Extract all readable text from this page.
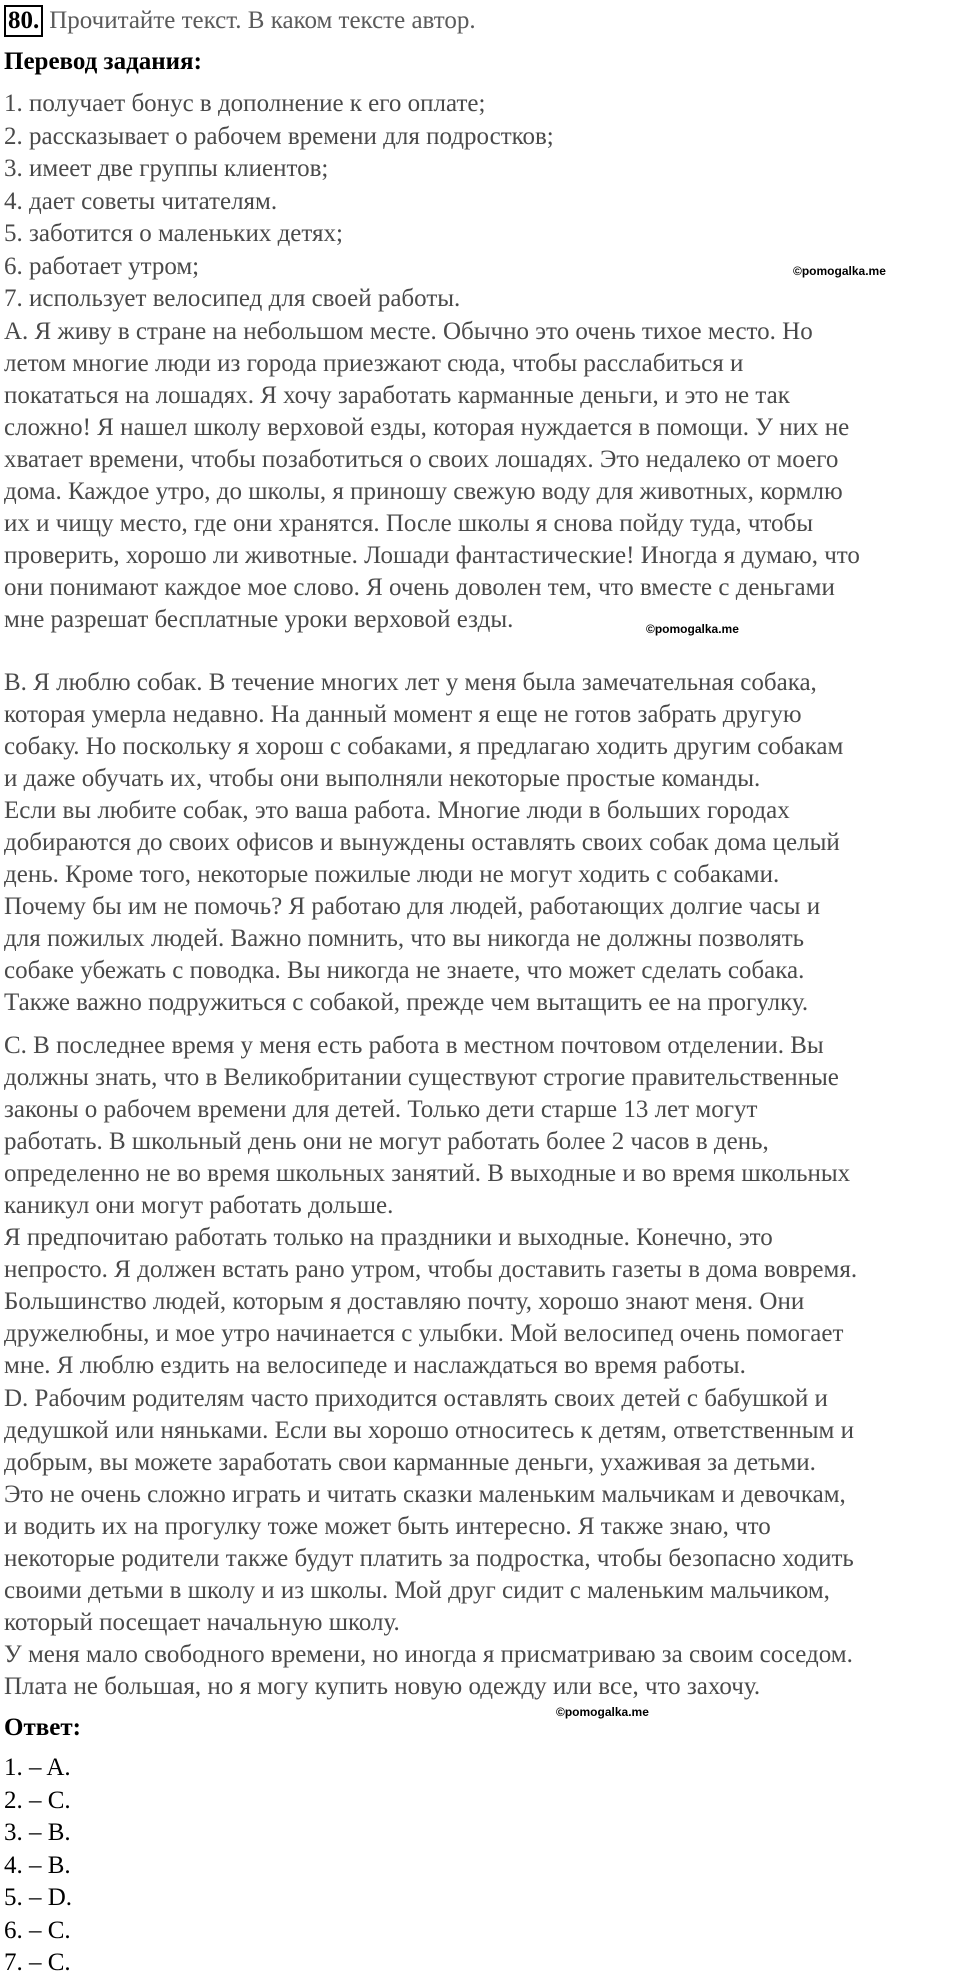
80. Прочитайте текст. В каком тексте автор.
Перевод задания:
1. получает бонус в дополнение к его оплате;
2. рассказывает о рабочем времени для подростков;
3. имеет две группы клиентов;
4. дает советы читателям.
5. заботится о маленьких детях;
6. работает утром;
7. использует велосипед для своей работы.
©pomogalka.me

A. Я живу в стране на небольшом месте. Обычно это очень тихое место. Но
летом многие люди из города приезжают сюда, чтобы расслабиться и
покататься на лошадях. Я хочу заработать карманные деньги, и это не так
сложно! Я нашел школу верховой езды, которая нуждается в помощи. У них не
хватает времени, чтобы позаботиться о своих лошадях. Это недалеко от моего
дома. Каждое утро, до школы, я приношу свежую воду для животных, кормлю
их и чищу место, где они хранятся. После школы я снова пойду туда, чтобы
проверить, хорошо ли животные. Лошади фантастические! Иногда я думаю, что
они понимают каждое мое слово. Я очень доволен тем, что вместе с деньгами
мне разрешат бесплатные уроки верховой езды.	©pomogalka.me

B. Я люблю собак. В течение многих лет у меня была замечательная собака,
которая умерла недавно. На данный момент я еще не готов забрать другую
собаку. Но поскольку я хорош с собаками, я предлагаю ходить другим собакам
и даже обучать их, чтобы они выполняли некоторые простые команды.
Если вы любите собак, это ваша работа. Многие люди в больших городах
добираются до своих офисов и вынуждены оставлять своих собак дома целый
день. Кроме того, некоторые пожилые люди не могут ходить с собаками.
Почему бы им не помочь? Я работаю для людей, работающих долгие часы и
для пожилых людей. Важно помнить, что вы никогда не должны позволять
собаке убежать с поводка. Вы никогда не знаете, что может сделать собака.
Также важно подружиться с собакой, прежде чем вытащить ее на прогулку.

C. В последнее время у меня есть работа в местном почтовом отделении. Вы
должны знать, что в Великобритании существуют строгие правительственные
законы о рабочем времени для детей. Только дети старше 13 лет могут
работать. В школьный день они не могут работать более 2 часов в день,
определенно не во время школьных занятий. В выходные и во время школьных
каникул они могут работать дольше.
Я предпочитаю работать только на праздники и выходные. Конечно, это
непросто. Я должен встать рано утром, чтобы доставить газеты в дома вовремя.
Большинство людей, которым я доставляю почту, хорошо знают меня. Они
дружелюбны, и мое утро начинается с улыбки. Мой велосипед очень помогает
мне. Я люблю ездить на велосипеде и наслаждаться во время работы.

D. Рабочим родителям часто приходится оставлять своих детей с бабушкой и
дедушкой или няньками. Если вы хорошо относитесь к детям, ответственным и
добрым, вы можете заработать свои карманные деньги, ухаживая за детьми.
Это не очень сложно играть и читать сказки маленьким мальчикам и девочкам,
и водить их на прогулку тоже может быть интересно. Я также знаю, что
некоторые родители также будут платить за подростка, чтобы безопасно ходить
своими детьми в школу и из школы. Мой друг сидит с маленьким мальчиком,
который посещает начальную школу.
У меня мало свободного времени, но иногда я присматриваю за своим соседом.
Плата не большая, но я могу купить новую одежду или все, что захочу.

Ответ:
©pomogalka.me
1. – A.
2. – C.
3. – B.
4. – B.
5. – D.
6. – C.
7. – C.
